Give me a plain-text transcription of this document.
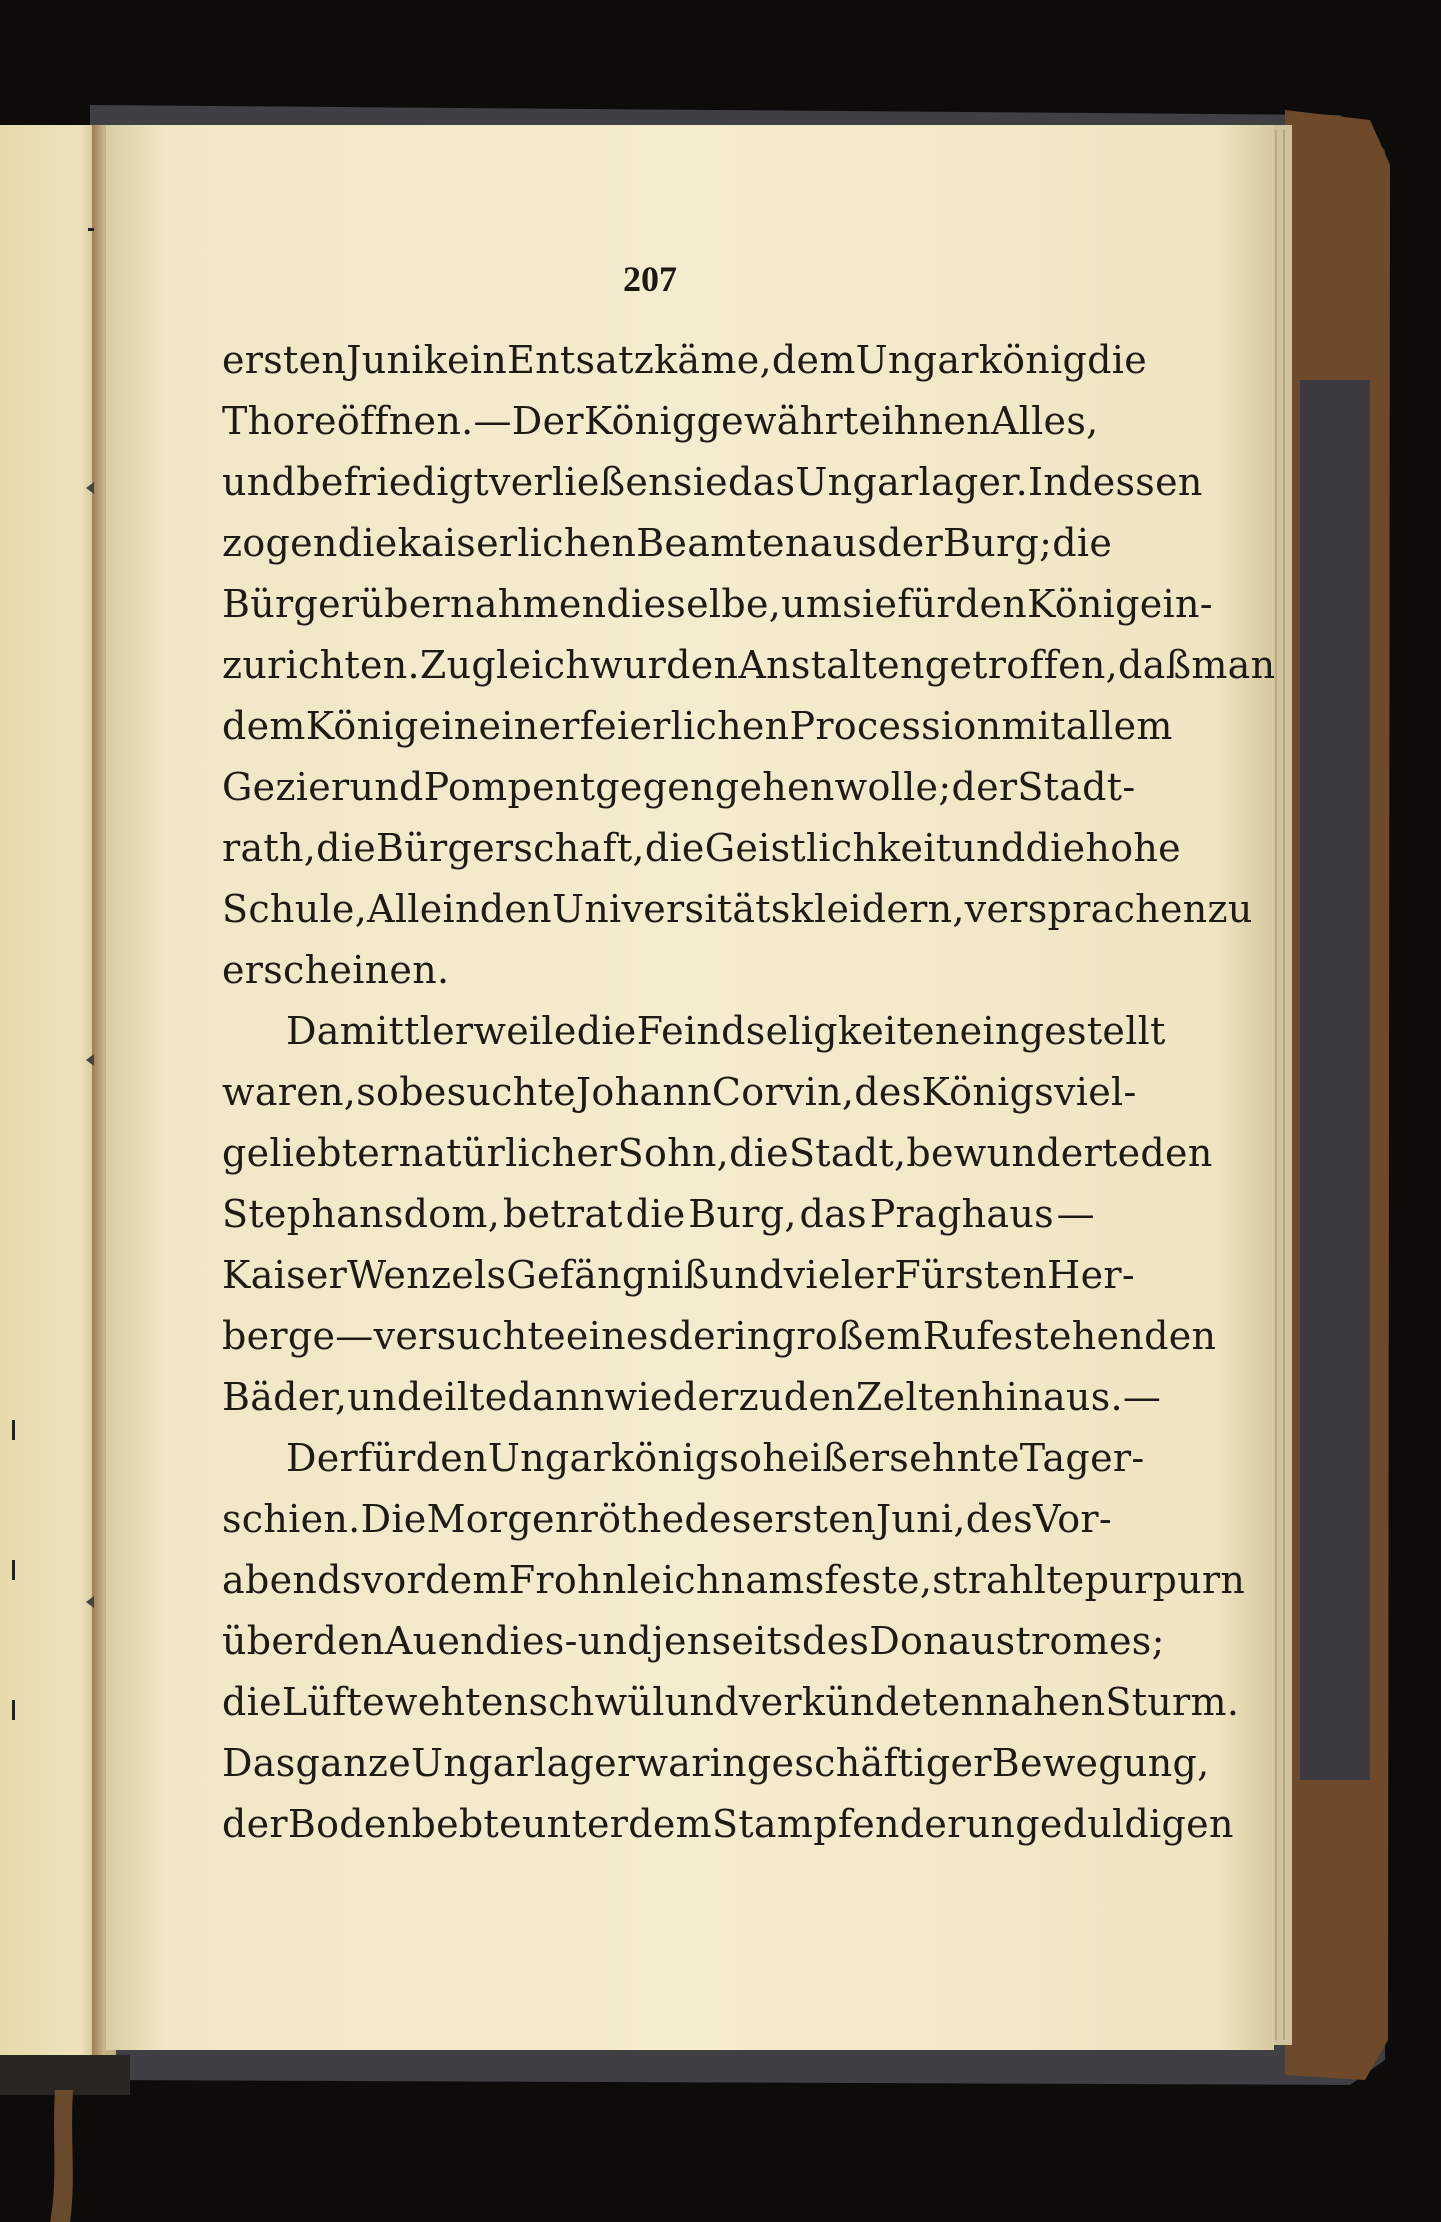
207
ersten Juni kein Entsatz käme, dem Ungarkönig die
Thore öffnen. — Der König gewährte ihnen Alles,
und befriedigt verließen sie das Ungarlager. Indessen
zogen die kaiserlichen Beamten aus der Burg; die
Bürger übernahmen dieselbe, um sie für den König ein-
zurichten. Zugleich wurden Anstalten getroffen, daß man
dem Könige in einer feierlichen Procession mit allem
Gezier und Pomp entgegen gehen wolle; der Stadt-
rath, die Bürgerschaft, die Geistlichkeit und die hohe
Schule, Alle in den Universitätskleidern, versprachen zu
erscheinen.
Da mittlerweile die Feindseligkeiten eingestellt
waren, so besuchte Johann Corvin, des Königs viel-
geliebter natürlicher Sohn, die Stadt, bewunderte den
Stephansdom, betrat die Burg, das Praghaus —
Kaiser Wenzels Gefängniß und vieler Fürsten Her-
berge — versuchte eines der in großem Rufe stehenden
Bäder, und eilte dann wieder zu den Zelten hinaus.—
Der für den Ungarkönig so heiß ersehnte Tag er-
schien. Die Morgenröthe des ersten Juni, des Vor-
abends vor dem Frohnleichnamsfeste, strahlte purpurn
über den Auen dies- und jenseits des Donaustromes;
die Lüfte wehten schwül und verkündeten nahen Sturm.
Das ganze Ungarlager war in geschäftiger Bewegung,
der Boden bebte unter dem Stampfen der ungeduldigen
